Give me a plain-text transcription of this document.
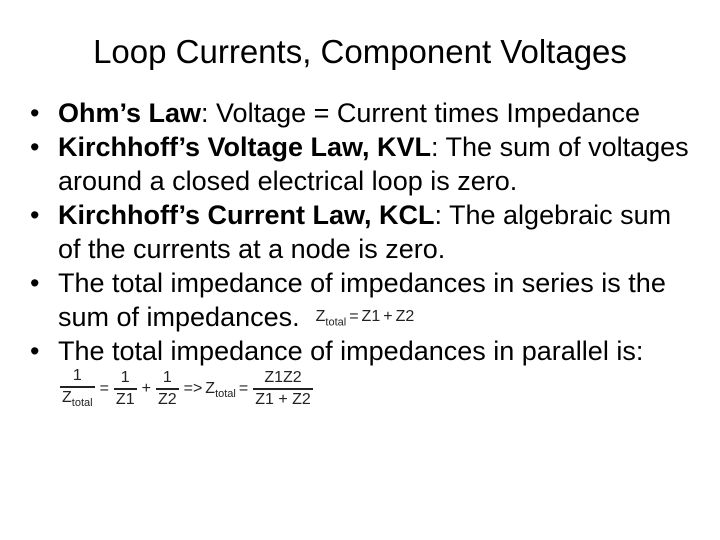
Loop Currents, Component Voltages
• Ohm’s Law: Voltage = Current times Impedance
• Kirchhoff’s Voltage Law, KVL: The sum of voltages around a closed electrical loop is zero.
• Kirchhoff’s Current Law, KCL: The algebraic sum of the currents at a node is zero.
• The total impedance of impedances in series is the sum of impedances. $Z_{total} = Z1 + Z2$
• The total impedance of impedances in parallel is:
$\frac{1}{Z_{total}} = \frac{1}{Z1} + \frac{1}{Z2} => Z_{total} = \frac{Z1Z2}{Z1 + Z2}$
